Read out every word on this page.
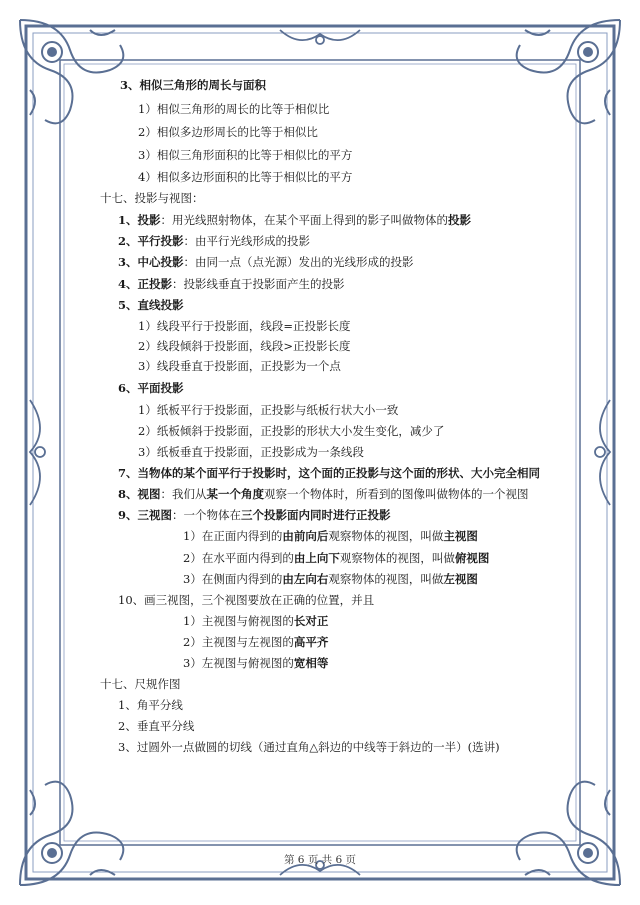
3、相似三角形的周长与面积
1）相似三角形的周长的比等于相似比
2）相似多边形周长的比等于相似比
3）相似三角形面积的比等于相似比的平方
4）相似多边形面积的比等于相似比的平方
十七、投影与视图：
1、投影：用光线照射物体，在某个平面上得到的影子叫做物体的投影
2、平行投影：由平行光线形成的投影
3、中心投影：由同一点（点光源）发出的光线形成的投影
4、正投影：投影线垂直于投影面产生的投影
5、直线投影
1）线段平行于投影面，线段=正投影长度
2）线段倾斜于投影面，线段>正投影长度
3）线段垂直于投影面，正投影为一个点
6、平面投影
1）纸板平行于投影面，正投影与纸板行状大小一致
2）纸板倾斜于投影面，正投影的形状大小发生变化，减少了
3）纸板垂直于投影面，正投影成为一条线段
7、当物体的某个面平行于投影时，这个面的正投影与这个面的形状、大小完全相同
8、视图：我们从某一个角度观察一个物体时，所看到的图像叫做物体的一个视图
9、三视图：一个物体在三个投影面内同时进行正投影
1）在正面内得到的由前向后观察物体的视图，叫做主视图
2）在水平面内得到的由上向下观察物体的视图，叫做俯视图
3）在侧面内得到的由左向右观察物体的视图，叫做左视图
10、画三视图，三个视图要放在正确的位置，并且
1）主视图与俯视图的长对正
2）主视图与左视图的高平齐
3）左视图与俯视图的宽相等
十七、尺规作图
1、角平分线
2、垂直平分线
3、过圆外一点做圆的切线（通过直角△斜边的中线等于斜边的一半）(选讲)
第 6 页 共 6 页
